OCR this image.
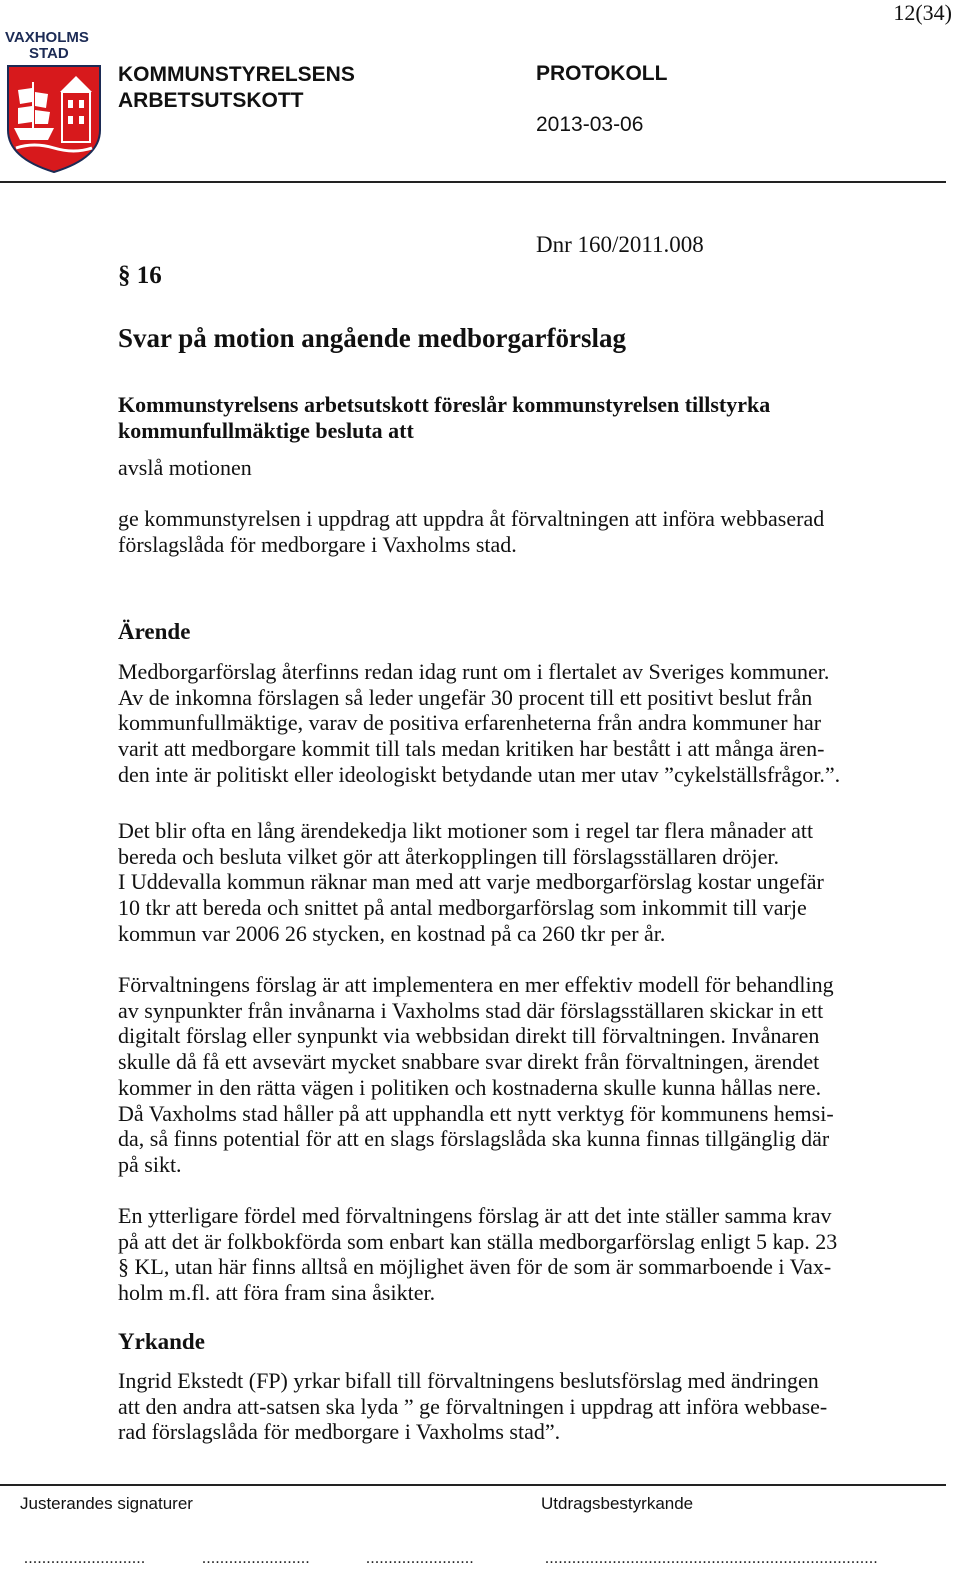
12(34)
VAXHOLMS
STAD
KOMMUNSTYRELSENS
ARBETSUTSKOTT
PROTOKOLL
2013-03-06
Dnr 160/2011.008
§ 16
Svar på motion angående medborgarförslag
Kommunstyrelsens arbetsutskott föreslår kommunstyrelsen tillstyrka
kommunfullmäktige besluta att
avslå motionen
ge kommunstyrelsen i uppdrag att uppdra åt förvaltningen att införa webbaserad
förslagslåda för medborgare i Vaxholms stad.
Ärende
Medborgarförslag återfinns redan idag runt om i flertalet av Sveriges kommuner.
Av de inkomna förslagen så leder ungefär 30 procent till ett positivt beslut från
kommunfullmäktige, varav de positiva erfarenheterna från andra kommuner har
varit att medborgare kommit till tals medan kritiken har bestått i att många ären-
den inte är politiskt eller ideologiskt betydande utan mer utav ”cykelställsfrågor.”.
Det blir ofta en lång ärendekedja likt motioner som i regel tar flera månader att
bereda och besluta vilket gör att återkopplingen till förslagsställaren dröjer.
I Uddevalla kommun räknar man med att varje medborgarförslag kostar ungefär
10 tkr att bereda och snittet på antal medborgarförslag som inkommit till varje
kommun var 2006 26 stycken, en kostnad på ca 260 tkr per år.
Förvaltningens förslag är att implementera en mer effektiv modell för behandling
av synpunkter från invånarna i Vaxholms stad där förslagsställaren skickar in ett
digitalt förslag eller synpunkt via webbsidan direkt till förvaltningen. Invånaren
skulle då få ett avsevärt mycket snabbare svar direkt från förvaltningen, ärendet
kommer in den rätta vägen i politiken och kostnaderna skulle kunna hållas nere.
Då Vaxholms stad håller på att upphandla ett nytt verktyg för kommunens hemsi-
da, så finns potential för att en slags förslagslåda ska kunna finnas tillgänglig där
på sikt.
En ytterligare fördel med förvaltningens förslag är att det inte ställer samma krav
på att det är folkbokförda som enbart kan ställa medborgarförslag enligt 5 kap. 23
§ KL, utan här finns alltså en möjlighet även för de som är sommarboende i Vax-
holm m.fl. att föra fram sina åsikter.
Yrkande
Ingrid Ekstedt (FP) yrkar bifall till förvaltningens beslutsförslag med ändringen
att den andra att-satsen ska lyda ” ge förvaltningen i uppdrag att införa webbase-
rad förslagslåda för medborgare i Vaxholms stad”.
Justerandes signaturer	Utdragsbestyrkande
...........................	........................	........................	..........................................................................
